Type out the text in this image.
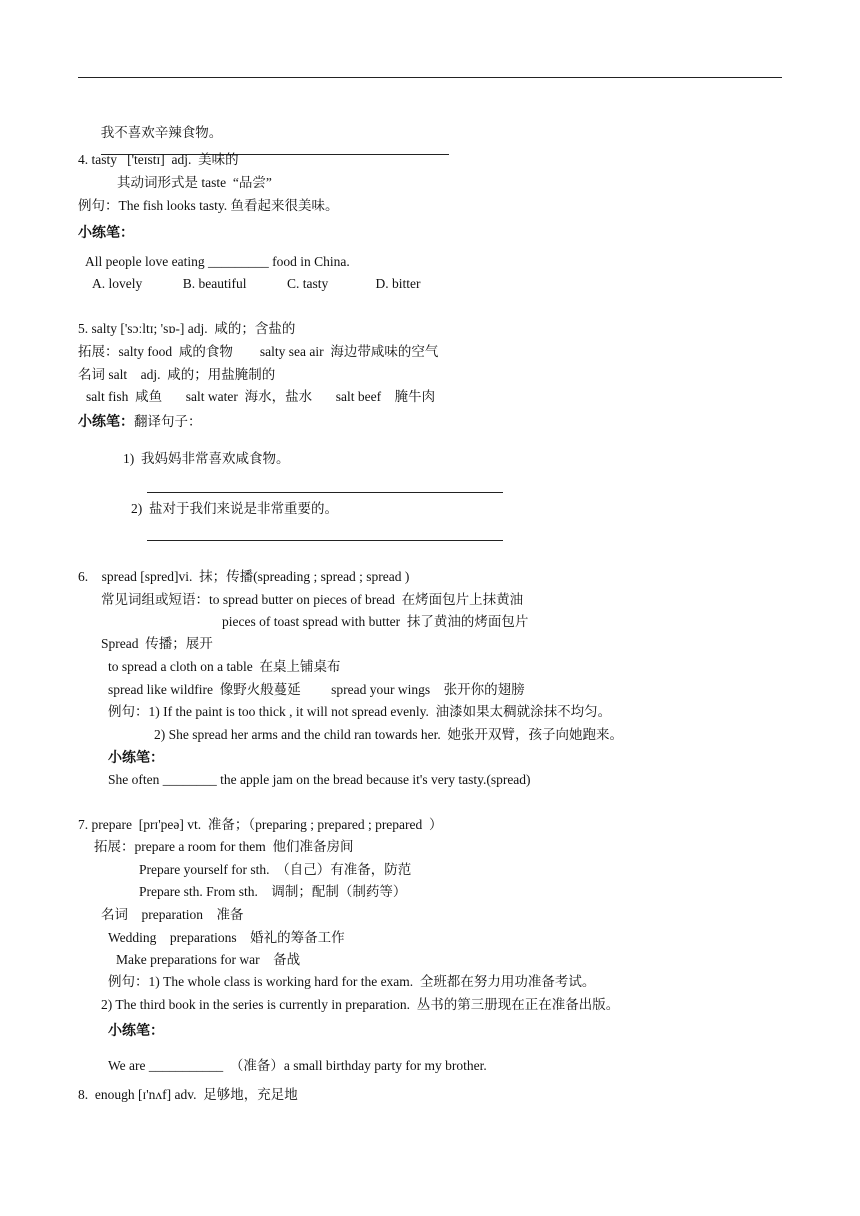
我不喜欢辛辣食物。

4. tasty   ['teɪstɪ]  adj.  美味的
其动词形式是 taste  “品尝”
例句：The fish looks tasty. 鱼看起来很美味。
小练笔：
All people love eating _________ food in China.
A. lovely            B. beautiful            C. tasty              D. bitter
5. salty ['sɔːltɪ; 'sɒ-] adj.  咸的；含盐的
拓展：salty food  咸的食物        salty sea air  海边带咸味的空气
名词 salt    adj.  咸的；用盐腌制的
salt fish  咸鱼       salt water  海水，盐水       salt beef    腌牛肉
小练笔：翻译句子：
1)  我妈妈非常喜欢咸食物。
2)  盐对于我们来说是非常重要的。
6.    spread [spred]vi.  抹；传播(spreading ; spread ; spread )
常见词组或短语：to spread butter on pieces of bread  在烤面包片上抹黄油
pieces of toast spread with butter  抹了黄油的烤面包片
Spread  传播；展开
to spread a cloth on a table  在桌上铺桌布
spread like wildfire  像野火般蔓延         spread your wings    张开你的翅膀
例句：1) If the paint is too thick , it will not spread evenly.  油漆如果太稠就涂抹不均匀。
2) She spread her arms and the child ran towards her.  她张开双臂，孩子向她跑来。
小练笔：
She often ________ the apple jam on the bread because it's very tasty.(spread)
7. prepare  [prɪ'peə] vt.  准备；（preparing ; prepared ; prepared  ）
拓展：prepare a room for them  他们准备房间
Prepare yourself for sth.  （自己）有准备，防范
Prepare sth. From sth.    调制；配制（制药等）
名词    preparation    准备
Wedding    preparations    婚礼的筹备工作
Make preparations for war    备战
例句：1) The whole class is working hard for the exam.  全班都在努力用功准备考试。
2) The third book in the series is currently in preparation.  丛书的第三册现在正在准备出版。
小练笔：
We are ___________  （准备）a small birthday party for my brother.
8.  enough [ɪ'nʌf] adv.  足够地，充足地
